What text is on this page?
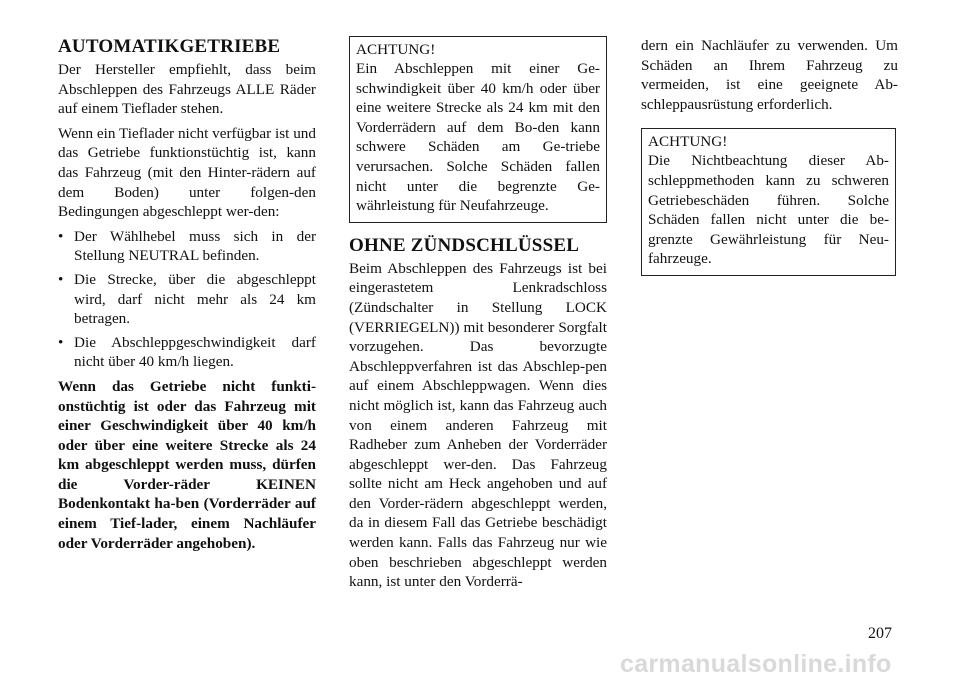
AUTOMATIKGETRIEBE

Der Hersteller empfiehlt, dass beim Abschleppen des Fahrzeugs ALLE Räder auf einem Tieflader stehen.

Wenn ein Tieflader nicht verfügbar ist und das Getriebe funktionstüchtig ist, kann das Fahrzeug (mit den Hinter-rädern auf dem Boden) unter folgen-den Bedingungen abgeschleppt wer-den:

• Der Wählhebel muss sich in der Stellung NEUTRAL befinden.
• Die Strecke, über die abgeschleppt wird, darf nicht mehr als 24 km betragen.
• Die Abschleppgeschwindigkeit darf nicht über 40 km/h liegen.

Wenn das Getriebe nicht funkti-onstüchtig ist oder das Fahrzeug mit einer Geschwindigkeit über 40 km/h oder über eine weitere Strecke als 24 km abgeschleppt werden muss, dürfen die Vorder-räder KEINEN Bodenkontakt ha-ben (Vorderräder auf einem Tief-lader, einem Nachläufer oder Vorderräder angehoben).

ACHTUNG!

Ein Abschleppen mit einer Ge-schwindigkeit über 40 km/h oder über eine weitere Strecke als 24 km mit den Vorderrädern auf dem Bo-den kann schwere Schäden am Ge-triebe verursachen. Solche Schäden fallen nicht unter die begrenzte Ge-währleistung für Neufahrzeuge.

OHNE ZÜNDSCHLÜSSEL

Beim Abschleppen des Fahrzeugs ist bei eingerastetem Lenkradschloss (Zündschalter in Stellung LOCK (VERRIEGELN)) mit besonderer Sorgfalt vorzugehen. Das bevorzugte Abschleppverfahren ist das Abschlep-pen auf einem Abschleppwagen. Wenn dies nicht möglich ist, kann das Fahrzeug auch von einem anderen Fahrzeug mit Radheber zum Anheben der Vorderräder abgeschleppt wer-den. Das Fahrzeug sollte nicht am Heck angehoben und auf den Vorder-rädern abgeschleppt werden, da in diesem Fall das Getriebe beschädigt werden kann. Falls das Fahrzeug nur wie oben beschrieben abgeschleppt werden kann, ist unter den Vorderrä-

dern ein Nachläufer zu verwenden. Um Schäden an Ihrem Fahrzeug zu vermeiden, ist eine geeignete Ab-schleppausrüstung erforderlich.

ACHTUNG!

Die Nichtbeachtung dieser Ab-schleppmethoden kann zu schweren Getriebeschäden führen. Solche Schäden fallen nicht unter die be-grenzte Gewährleistung für Neu-fahrzeuge.

207
carmanualsonline.info
